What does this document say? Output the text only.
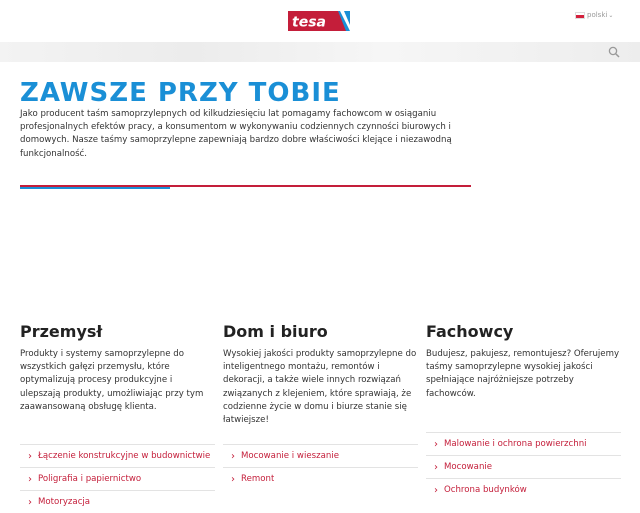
tesa	polski ⌄
ZAWSZE PRZY TOBIE
Jako producent taśm samoprzylepnych od kilkudziesięciu lat pomagamy fachowcom w osiąganiu profesjonalnych efektów pracy, a konsumentom w wykonywaniu codziennych czynności biurowych i domowych. Nasze taśmy samoprzylepne zapewniają bardzo dobre właściwości klejące i niezawodną funkcjonalność.
Przemysł
Produkty i systemy samoprzylepne do wszystkich gałęzi przemysłu, które optymalizują procesy produkcyjne i ulepszają produkty, umożliwiając przy tym zaawansowaną obsługę klienta.
› Łączenie konstrukcyjne w budownictwie
› Poligrafia i papiernictwo
› Motoryzacja
Dom i biuro
Wysokiej jakości produkty samoprzylepne do inteligentnego montażu, remontów i dekoracji, a także wiele innych rozwiązań związanych z klejeniem, które sprawiają, że codzienne życie w domu i biurze stanie się łatwiejsze!
› Mocowanie i wieszanie
› Remont
Fachowcy
Budujesz, pakujesz, remontujesz? Oferujemy taśmy samoprzylepne wysokiej jakości spełniające najróżniejsze potrzeby fachowców.
› Malowanie i ochrona powierzchni
› Mocowanie
› Ochrona budynków
